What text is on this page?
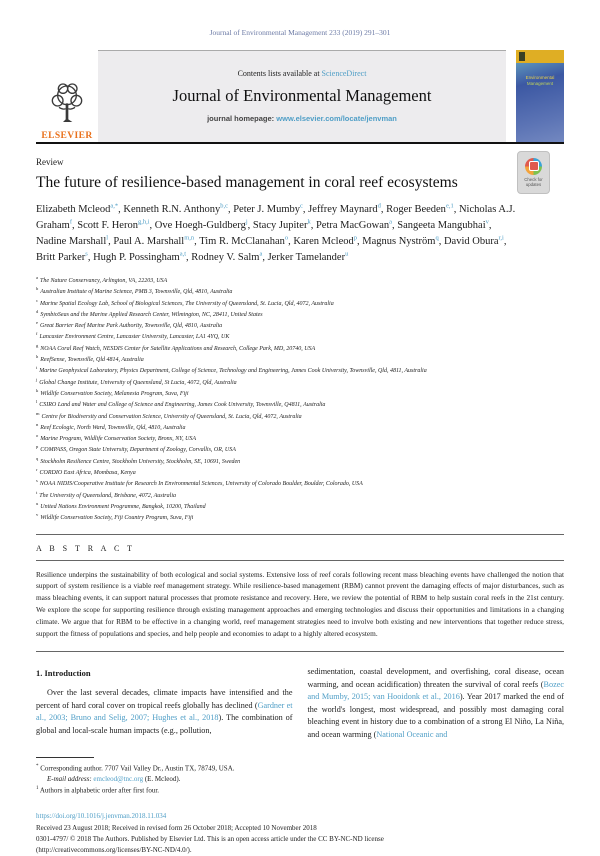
Journal of Environmental Management 233 (2019) 291–301

ELSEVIER
Contents lists available at ScienceDirect
Journal of Environmental Management
journal homepage: www.elsevier.com/locate/jenvman
Environmental
Management
Check for
updates

Review

The future of resilience-based management in coral reef ecosystems

Elizabeth Mcleod$^{a,*}$, Kenneth R.N. Anthony$^{b,c}$, Peter J. Mumby$^c$, Jeffrey Maynard$^d$, Roger Beeden$^{e,1}$, Nicholas A.J. Graham$^f$, Scott F. Heron$^{g,h,i}$, Ove Hoegh-Guldberg$^j$, Stacy Jupiter$^k$, Petra MacGowan$^a$, Sangeeta Mangubhai$^v$, Nadine Marshall$^l$, Paul A. Marshall$^{m,n}$, Tim R. McClanahan$^o$, Karen Mcleod$^p$, Magnus Nyström$^q$, David Obura$^{r,i}$, Britt Parker$^s$, Hugh P. Possingham$^{a,t}$, Rodney V. Salm$^a$, Jerker Tamelander$^u$

$^a$The Nature Conservancy, Arlington, VA, 22203, USA
$^b$Australian Institute of Marine Science, PMB 3, Townsville, Qld, 4810, Australia
$^c$Marine Spatial Ecology Lab, School of Biological Sciences, The University of Queensland, St. Lucia, Qld, 4072, Australia
$^d$SymbioSeas and the Marine Applied Research Center, Wilmington, NC, 28411, United States
$^e$Great Barrier Reef Marine Park Authority, Townsville, Qld, 4810, Australia
$^f$Lancaster Environment Centre, Lancaster University, Lancaster, LA1 4YQ, UK
$^g$NOAA Coral Reef Watch, NESDIS Center for Satellite Applications and Research, College Park, MD, 20740, USA
$^h$ReefSense, Townsville, Qld 4814, Australia
$^i$Marine Geophysical Laboratory, Physics Department, College of Science, Technology and Engineering, James Cook University, Townsville, Qld, 4811, Australia
$^j$Global Change Institute, University of Queensland, St Lucia, 4072, Qld, Australia
$^k$Wildlife Conservation Society, Melanesia Program, Suva, Fiji
$^l$CSIRO Land and Water and College of Science and Engineering, James Cook University, Townsville, Q4811, Australia
$^m$Centre for Biodiversity and Conservation Science, University of Queensland, St. Lucia, Qld, 4072, Australia
$^n$Reef Ecologic, North Ward, Townsville, Qld, 4810, Australia
$^o$Marine Program, Wildlife Conservation Society, Bronx, NY, USA
$^p$COMPASS, Oregon State University, Department of Zoology, Corvallis, OR, USA
$^q$Stockholm Resilience Centre, Stockholm University, Stockholm, SE, 10691, Sweden
$^r$CORDIO East Africa, Mombasa, Kenya
$^s$NOAA NIDIS/Cooperative Institute for Research In Environmental Sciences, University of Colorado Boulder, Boulder, Colorado, USA
$^t$The University of Queensland, Brisbane, 4072, Australia
$^u$United Nations Environment Programme, Bangkok, 10200, Thailand
$^v$Wildlife Conservation Society, Fiji Country Program, Suva, Fiji
A B S T R A C T

Resilience underpins the sustainability of both ecological and social systems. Extensive loss of reef corals following recent mass bleaching events have challenged the notion that support of system resilience is a viable reef management strategy. While resilience-based management (RBM) cannot prevent the damaging effects of major disturbances, such as mass bleaching events, it can support natural processes that promote resistance and recovery. Here, we review the potential of RBM to help sustain coral reefs in the 21st century. We explore the scope for supporting resilience through existing management approaches and emerging technologies and discuss their opportunities and limitations in a changing climate. We argue that for RBM to be effective in a changing world, reef management strategies need to involve both existing and new interventions that together reduce stress, support the fitness of populations and species, and help people and economies to adapt to a highly altered ecosystem.

1. Introduction

Over the last several decades, climate impacts have intensified and the percent of hard coral cover on tropical reefs globally has declined (Gardner et al., 2003; Bruno and Selig, 2007; Hughes et al., 2018). The combination of global and local-scale human impacts (e.g., pollution,

* Corresponding author. 7707 Vail Valley Dr., Austin TX, 78749, USA.

E-mail address: emcleod@tnc.org (E. Mcleod).

$^1$ Authors in alphabetic order after first four.

sedimentation, coastal development, and overfishing, coral disease, ocean warming, and ocean acidification) threaten the survival of coral reefs (Bozec and Mumby, 2015; van Hooidonk et al., 2016). Year 2017 marked the end of the world's longest, most widespread, and possibly most damaging coral bleaching event in history due to a combination of a strong El Niño, La Niña, and ocean warming (National Oceanic and

https://doi.org/10.1016/j.jenvman.2018.11.034

Received 23 August 2018; Received in revised form 26 October 2018; Accepted 10 November 2018

0301-4797/ © 2018 The Authors. Published by Elsevier Ltd. This is an open access article under the CC BY-NC-ND license

(http://creativecommons.org/licenses/BY-NC-ND/4.0/).
